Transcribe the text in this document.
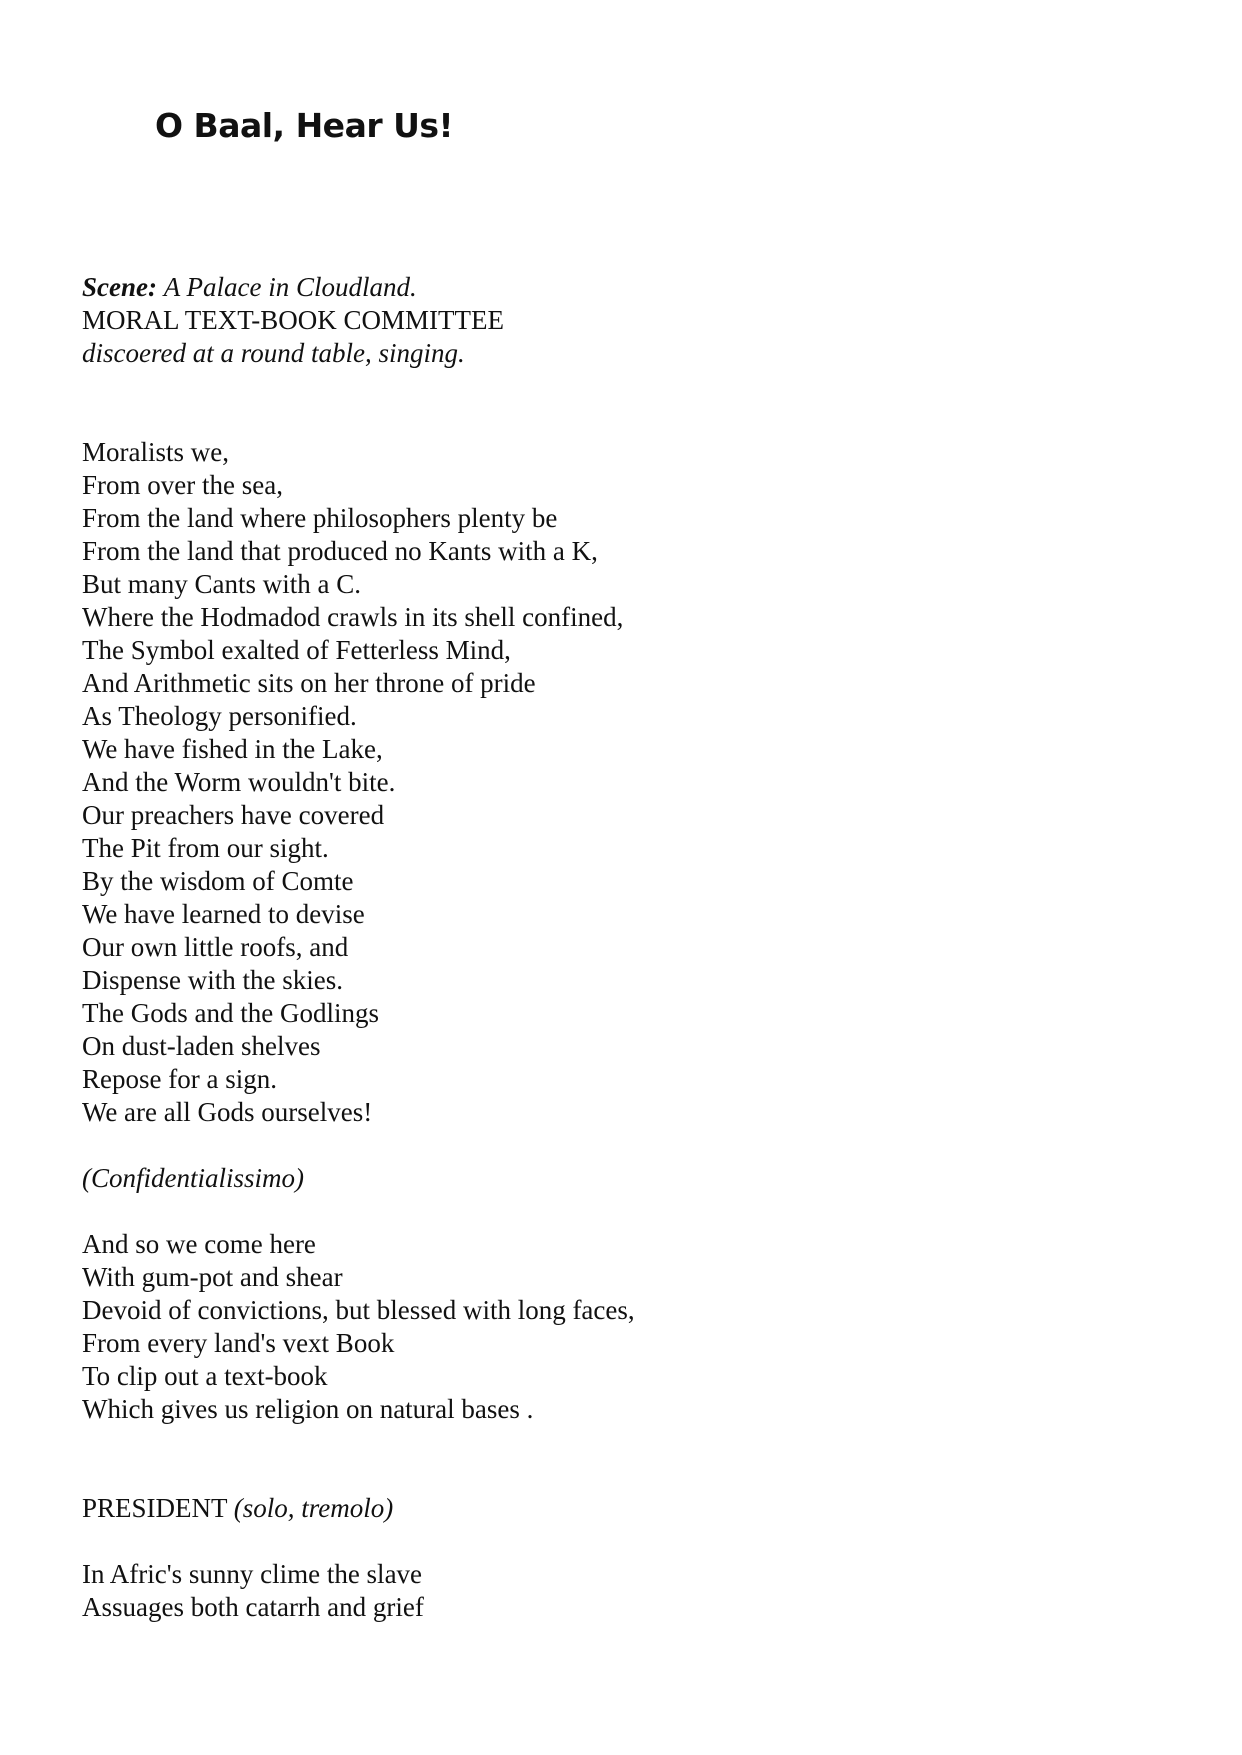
O Baal, Hear Us!
Scene: A Palace in Cloudland.
MORAL TEXT-BOOK COMMITTEE
discoered at a round table, singing.
Moralists we,
From over the sea,
From the land where philosophers plenty be
From the land that produced no Kants with a K,
But many Cants with a C.
Where the Hodmadod crawls in its shell confined,
The Symbol exalted of Fetterless Mind,
And Arithmetic sits on her throne of pride
As Theology personified.
We have fished in the Lake,
And the Worm wouldn't bite.
Our preachers have covered
The Pit from our sight.
By the wisdom of Comte
We have learned to devise
Our own little roofs, and
Dispense with the skies.
The Gods and the Godlings
On dust-laden shelves
Repose for a sign.
We are all Gods ourselves!
(Confidentialissimo)
And so we come here
With gum-pot and shear
Devoid of convictions, but blessed with long faces,
From every land's vext Book
To clip out a text-book
Which gives us religion on natural bases .
PRESIDENT (solo, tremolo)
In Afric's sunny clime the slave
Assuages both catarrh and grief
